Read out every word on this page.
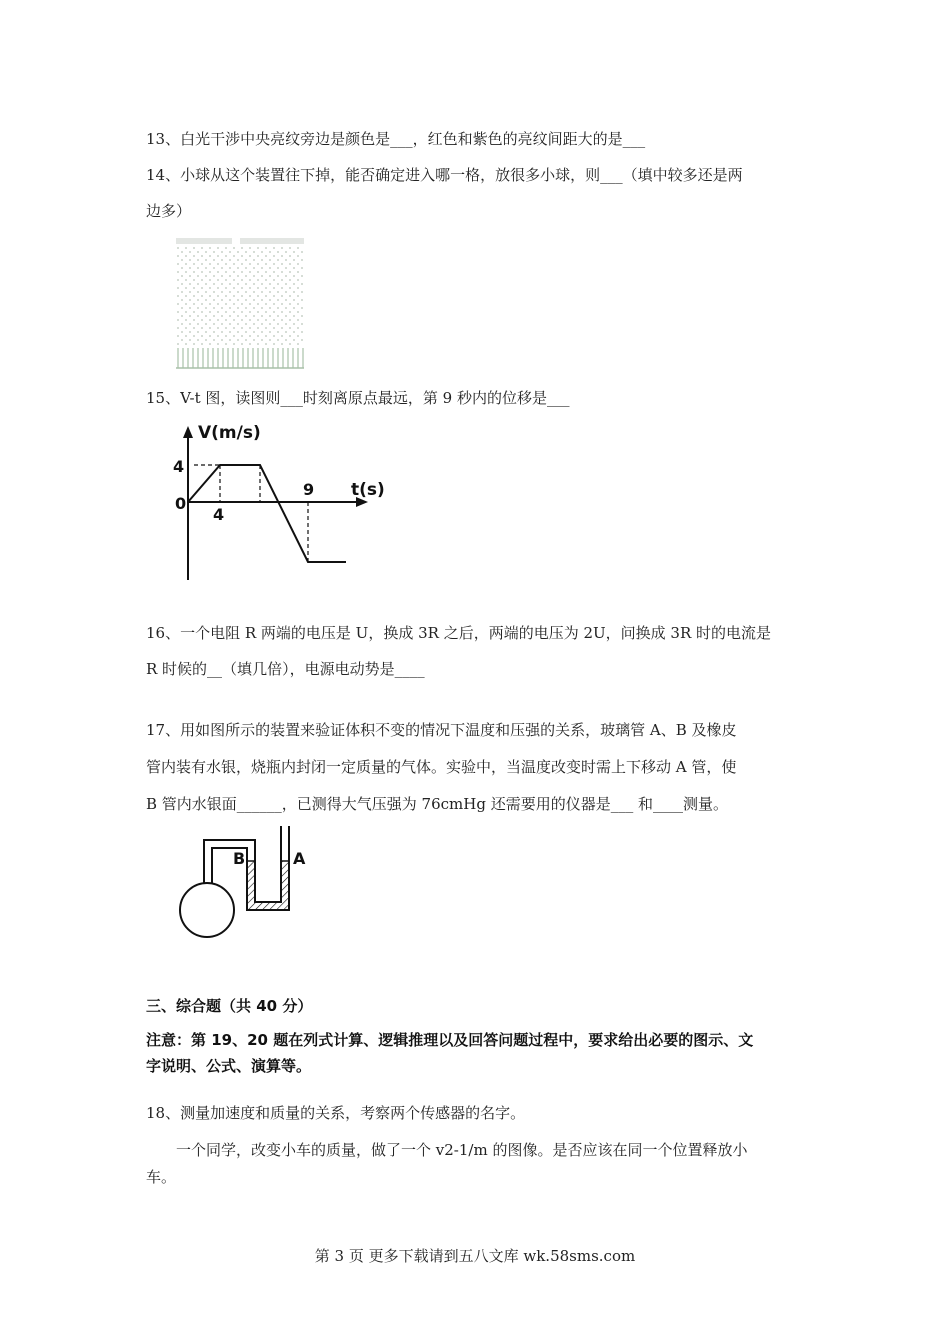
13、白光干涉中央亮纹旁边是颜色是___，红色和紫色的亮纹间距大的是___
14、小球从这个装置往下掉，能否确定进入哪一格，放很多小球，则___（填中较多还是两
边多）
15、V-t 图，读图则___时刻离原点最远，第 9 秒内的位移是___
V(m/s)
t(s)
4
0
4
9
16、一个电阻 R 两端的电压是 U，换成 3R 之后，两端的电压为 2U，问换成 3R 时的电流是
R 时候的__（填几倍），电源电动势是____
17、用如图所示的装置来验证体积不变的情况下温度和压强的关系，玻璃管 A、B 及橡皮
管内装有水银，烧瓶内封闭一定质量的气体。实验中，当温度改变时需上下移动 A 管，使
B 管内水银面______，已测得大气压强为 76cmHg 还需要用的仪器是___ 和____测量。
B	A
三、综合题（共 40 分）
注意：第 19、20 题在列式计算、逻辑推理以及回答问题过程中，要求给出必要的图示、文
字说明、公式、演算等。
18、测量加速度和质量的关系，考察两个传感器的名字。
一个同学，改变小车的质量，做了一个 v2-1/m 的图像。是否应该在同一个位置释放小
车。
第 3 页 更多下载请到五八文库 wk.58sms.com
